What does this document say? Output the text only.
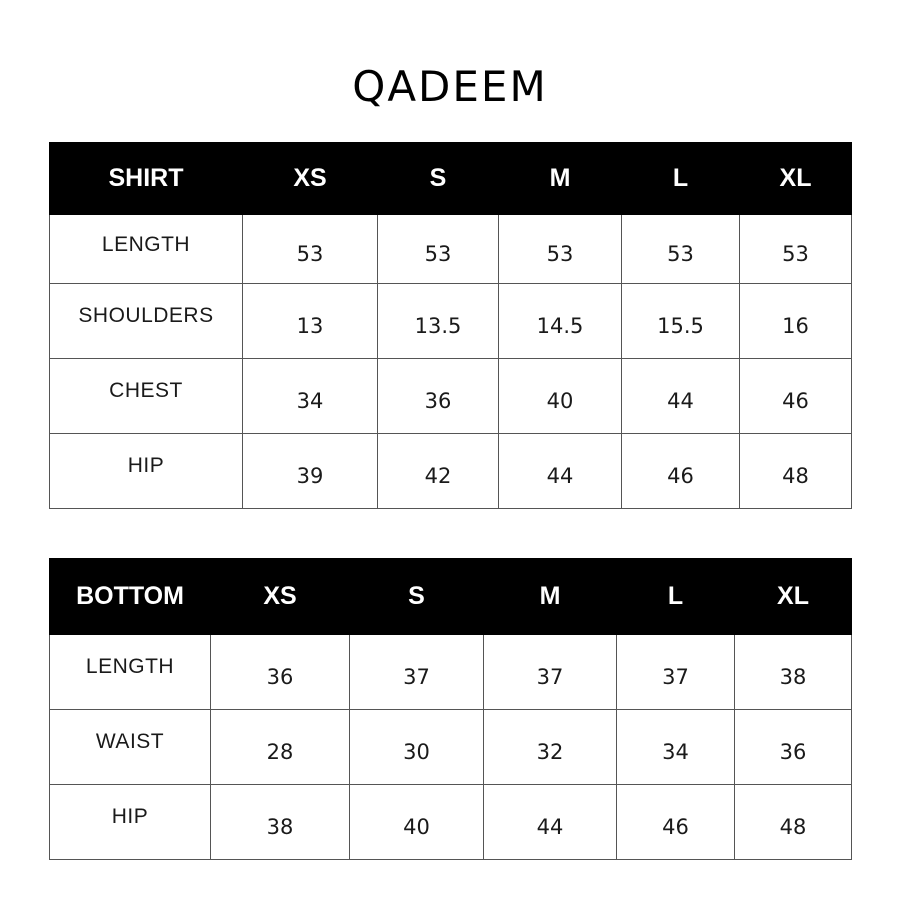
QADEEM
SHIRT	XS	S	M	L	XL
LENGTH	53	53	53	53	53
SHOULDERS	13	13.5	14.5	15.5	16
CHEST	34	36	40	44	46
HIP	39	42	44	46	48
BOTTOM	XS	S	M	L	XL
LENGTH	36	37	37	37	38
WAIST	28	30	32	34	36
HIP	38	40	44	46	48
